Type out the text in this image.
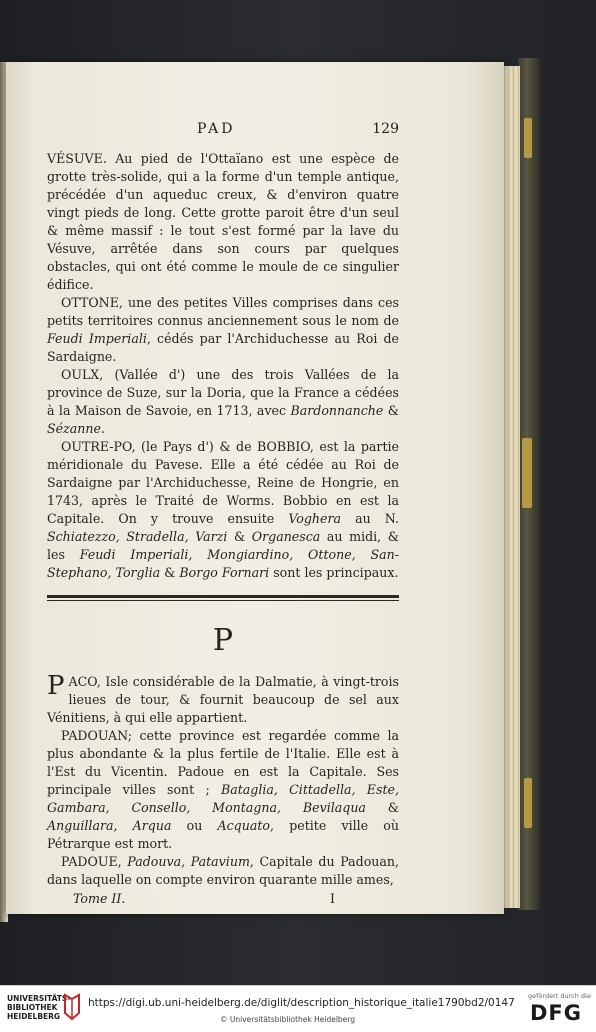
PAD	129

VÉSUVE. Au pied de l'Ottaïano est une espèce de grotte très-solide, qui a la forme d'un temple antique, précédée d'un aqueduc creux, & d'environ quatre vingt pieds de long. Cette grotte paroit être d'un seul & même massif : le tout s'est formé par la lave du Vésuve, arrêtée dans son cours par quelques obstacles, qui ont été comme le moule de ce singulier édifice.

OTTONE, une des petites Villes comprises dans ces petits territoires connus anciennement sous le nom de Feudi Imperiali, cédés par l'Archiduchesse au Roi de Sardaigne.

OULX, (Vallée d') une des trois Vallées de la province de Suze, sur la Doria, que la France a cédées à la Maison de Savoie, en 1713, avec Bardonnanche & Sézanne.

OUTRE-PO, (le Pays d') & de BOBBIO, est la partie méridionale du Pavese. Elle a été cédée au Roi de Sardaigne par l'Archiduchesse, Reine de Hongrie, en 1743, après le Traité de Worms. Bobbio en est la Capitale. On y trouve ensuite Voghera au N. Schiatezzo, Stradella, Varzi & Organesca au midi, & les Feudi Imperiali, Mongiardino, Ottone, San-Stephano, Torglia & Borgo Fornari sont les principaux.

P

PACO, Isle considérable de la Dalmatie, à vingt-trois lieues de tour, & fournit beaucoup de sel aux Vénitiens, à qui elle appartient.

PADOUAN; cette province est regardée comme la plus abondante & la plus fertile de l'Italie. Elle est à l'Est du Vicentin. Padoue en est la Capitale. Ses principale villes sont ; Bataglia, Cittadella, Este, Gambara, Consello, Montagna, Bevilaqua & Anguillara, Arqua ou Acquato, petite ville où Pétrarque est mort.

PADOUE, Padouva, Patavium, Capitale du Padouan, dans laquelle on compte environ quarante mille ames,

Tome II.	I
UNIVERSITÄTS-
BIBLIOTHEK
HEIDELBERG
https://digi.ub.uni-heidelberg.de/diglit/description_historique_italie1790bd2/0147
© Universitätsbibliothek Heidelberg
gefördert durch die
DFG
